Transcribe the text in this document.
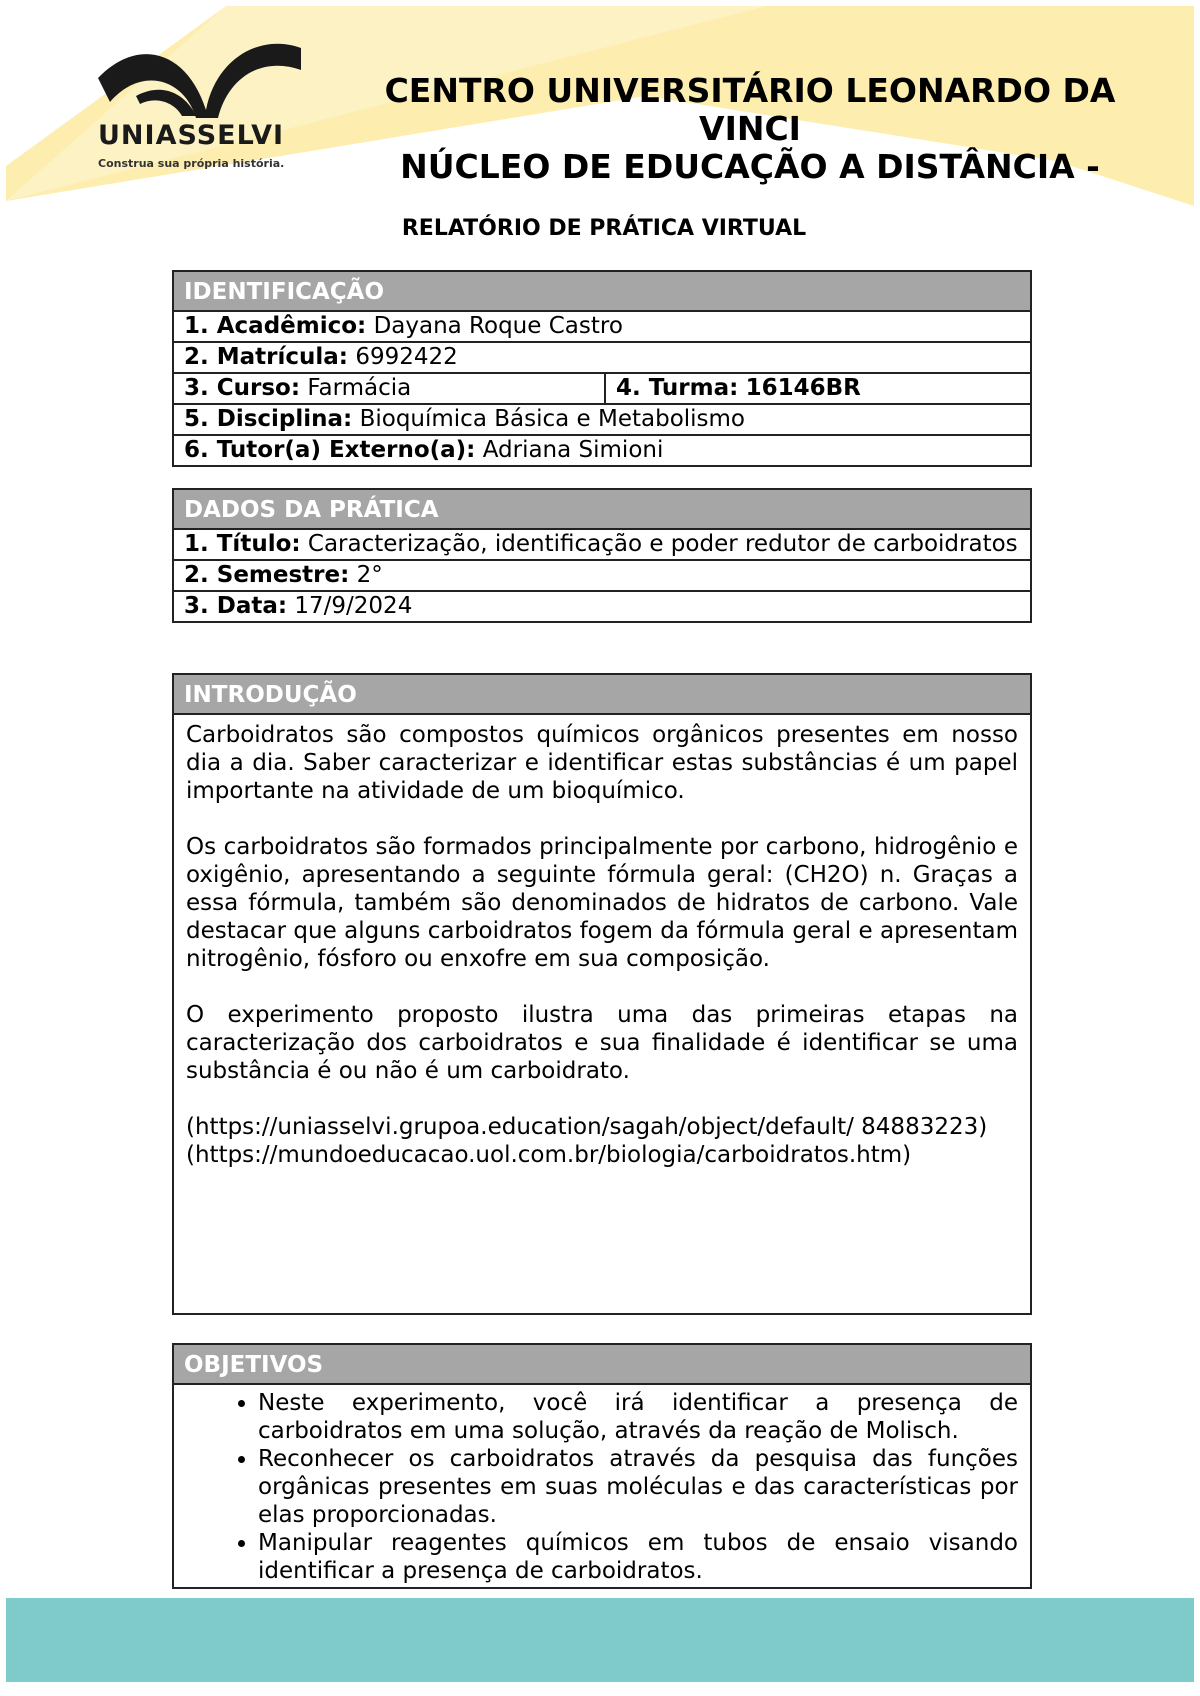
UNIASSELVI
Construa sua própria história.
CENTRO UNIVERSITÁRIO LEONARDO DA VINCI
NÚCLEO DE EDUCAÇÃO A DISTÂNCIA -
RELATÓRIO DE PRÁTICA VIRTUAL
IDENTIFICAÇÃO
1. Acadêmico: Dayana Roque Castro
2. Matrícula: 6992422
3. Curso: Farmácia	4. Turma: 16146BR
5. Disciplina: Bioquímica Básica e Metabolismo
6. Tutor(a) Externo(a): Adriana Simioni
DADOS DA PRÁTICA
1. Título: Caracterização, identificação e poder redutor de carboidratos
2. Semestre: 2°
3. Data: 17/9/2024
INTRODUÇÃO

Carboidratos são compostos químicos orgânicos presentes em nosso dia a dia. Saber caracterizar e identificar estas substâncias é um papel importante na atividade de um bioquímico.

Os carboidratos são formados principalmente por carbono, hidrogênio e oxigênio, apresentando a seguinte fórmula geral: (CH2O) n. Graças a essa fórmula, também são denominados de hidratos de carbono. Vale destacar que alguns carboidratos fogem da fórmula geral e apresentam nitrogênio, fósforo ou enxofre em sua composição.

O experimento proposto ilustra uma das primeiras etapas na caracterização dos carboidratos e sua finalidade é identificar se uma substância é ou não é um carboidrato.

(https://uniasselvi.grupoa.education/sagah/object/default/ 84883223)

(https://mundoeducacao.uol.com.br/biologia/carboidratos.htm)

OBJETIVOS
• Neste experimento, você irá identificar a presença de carboidratos em uma solução, através da reação de Molisch.
• Reconhecer os carboidratos através da pesquisa das funções orgânicas presentes em suas moléculas e das características por elas proporcionadas.
• Manipular reagentes químicos em tubos de ensaio visando identificar a presença de carboidratos.
